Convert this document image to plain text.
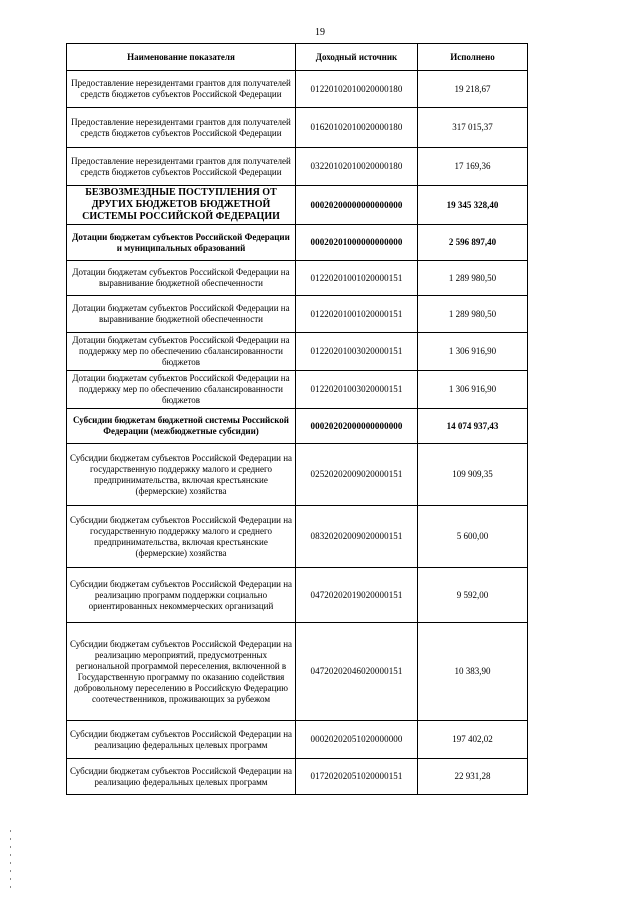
19
Наименование показателя	Доходный источник	Исполнено
Предоставление нерезидентами грантов для получателей средств бюджетов субъектов Российской Федерации	01220102010020000180	19 218,67
Предоставление нерезидентами грантов для получателей средств бюджетов субъектов Российской Федерации	01620102010020000180	317 015,37
Предоставление нерезидентами грантов для получателей средств бюджетов субъектов Российской Федерации	03220102010020000180	17 169,36
БЕЗВОЗМЕЗДНЫЕ ПОСТУПЛЕНИЯ ОТ ДРУГИХ БЮДЖЕТОВ БЮДЖЕТНОЙ СИСТЕМЫ РОССИЙСКОЙ ФЕДЕРАЦИИ	00020200000000000000	19 345 328,40
Дотации бюджетам субъектов Российской Федерации и муниципальных образований	00020201000000000000	2 596 897,40
Дотации бюджетам субъектов Российской Федерации на выравнивание бюджетной обеспеченности	01220201001020000151	1 289 980,50
Дотации бюджетам субъектов Российской Федерации на выравнивание бюджетной обеспеченности	01220201001020000151	1 289 980,50
Дотации бюджетам субъектов Российской Федерации на поддержку мер по обеспечению сбалансированности бюджетов	01220201003020000151	1 306 916,90
Дотации бюджетам субъектов Российской Федерации на поддержку мер по обеспечению сбалансированности бюджетов	01220201003020000151	1 306 916,90
Субсидии бюджетам бюджетной системы Российской Федерации (межбюджетные субсидии)	00020202000000000000	14 074 937,43
Субсидии бюджетам субъектов Российской Федерации на государственную поддержку малого и среднего предпринимательства, включая крестьянские (фермерские) хозяйства	02520202009020000151	109 909,35
Субсидии бюджетам субъектов Российской Федерации на государственную поддержку малого и среднего предпринимательства, включая крестьянские (фермерские) хозяйства	08320202009020000151	5 600,00
Субсидии бюджетам субъектов Российской Федерации на реализацию программ поддержки социально ориентированных некоммерческих организаций	04720202019020000151	9 592,00
Субсидии бюджетам субъектов Российской Федерации на реализацию мероприятий, предусмотренных региональной программой переселения, включенной в Государственную программу по оказанию содействия добровольному переселению в Российскую Федерацию соотечественников, проживающих за рубежом	04720202046020000151	10 383,90
Субсидии бюджетам субъектов Российской Федерации на реализацию федеральных целевых программ	00020202051020000000	197 402,02
Субсидии бюджетам субъектов Российской Федерации на реализацию федеральных целевых программ	01720202051020000151	22 931,28
